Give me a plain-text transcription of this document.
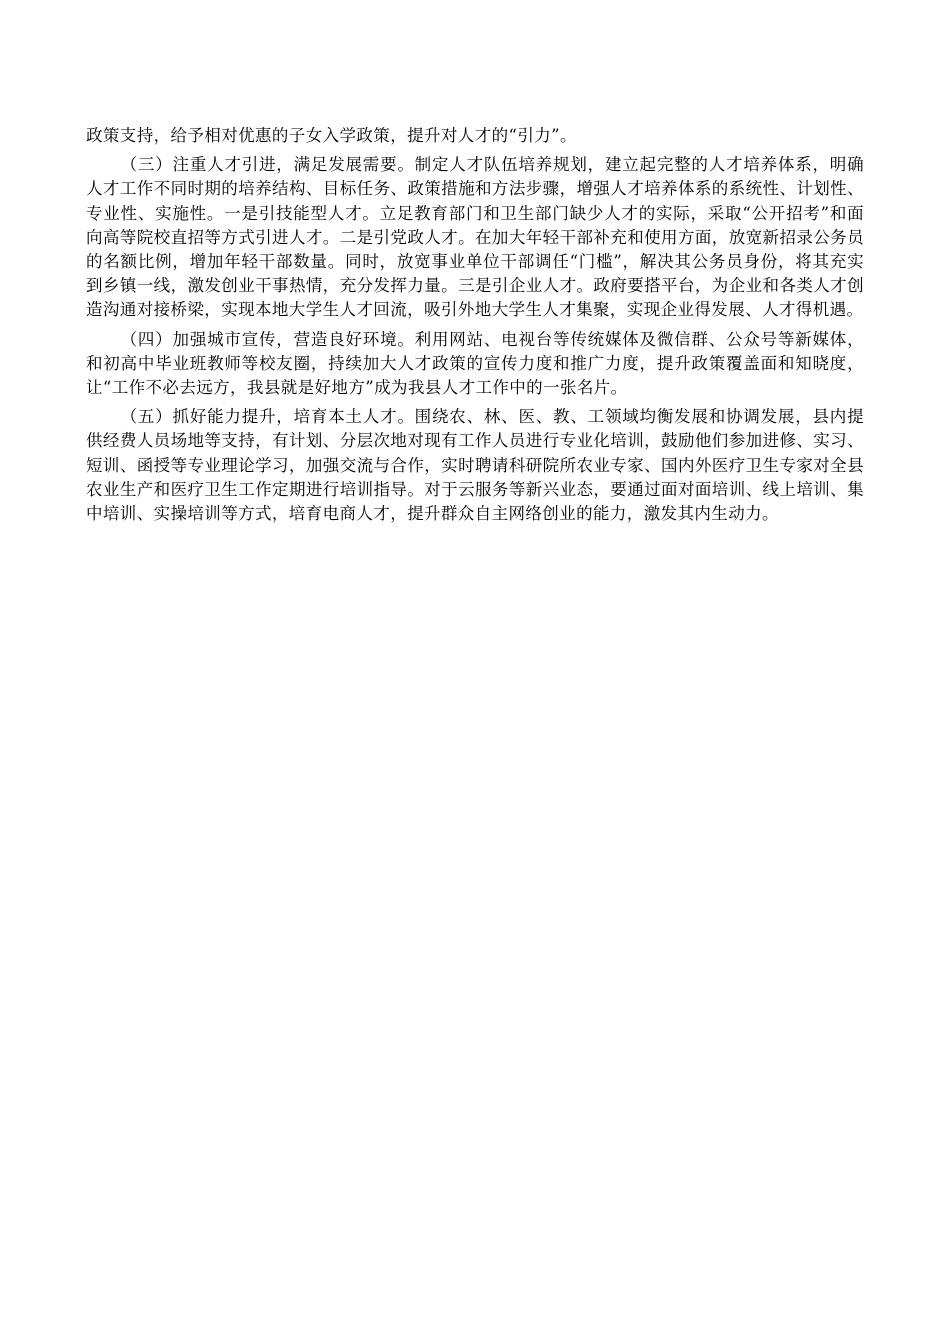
政策支持，给予相对优惠的子女入学政策，提升对人才的“引力”。

（三）注重人才引进，满足发展需要。制定人才队伍培养规划，建立起完整的人才培养体系，明确人才工作不同时期的培养结构、目标任务、政策措施和方法步骤，增强人才培养体系的系统性、计划性、专业性、实施性。一是引技能型人才。立足教育部门和卫生部门缺少人才的实际，采取“公开招考”和面向高等院校直招等方式引进人才。二是引党政人才。在加大年轻干部补充和使用方面，放宽新招录公务员的名额比例，增加年轻干部数量。同时，放宽事业单位干部调任“门槛”，解决其公务员身份，将其充实到乡镇一线，激发创业干事热情，充分发挥力量。三是引企业人才。政府要搭平台，为企业和各类人才创造沟通对接桥梁，实现本地大学生人才回流，吸引外地大学生人才集聚，实现企业得发展、人才得机遇。

（四）加强城市宣传，营造良好环境。利用网站、电视台等传统媒体及微信群、公众号等新媒体，和初高中毕业班教师等校友圈，持续加大人才政策的宣传力度和推广力度，提升政策覆盖面和知晓度，让“工作不必去远方，我县就是好地方”成为我县人才工作中的一张名片。

（五）抓好能力提升，培育本土人才。围绕农、林、医、教、工领域均衡发展和协调发展，县内提供经费人员场地等支持，有计划、分层次地对现有工作人员进行专业化培训，鼓励他们参加进修、实习、短训、函授等专业理论学习，加强交流与合作，实时聘请科研院所农业专家、国内外医疗卫生专家对全县农业生产和医疗卫生工作定期进行培训指导。对于云服务等新兴业态，要通过面对面培训、线上培训、集中培训、实操培训等方式，培育电商人才，提升群众自主网络创业的能力，激发其内生动力。
